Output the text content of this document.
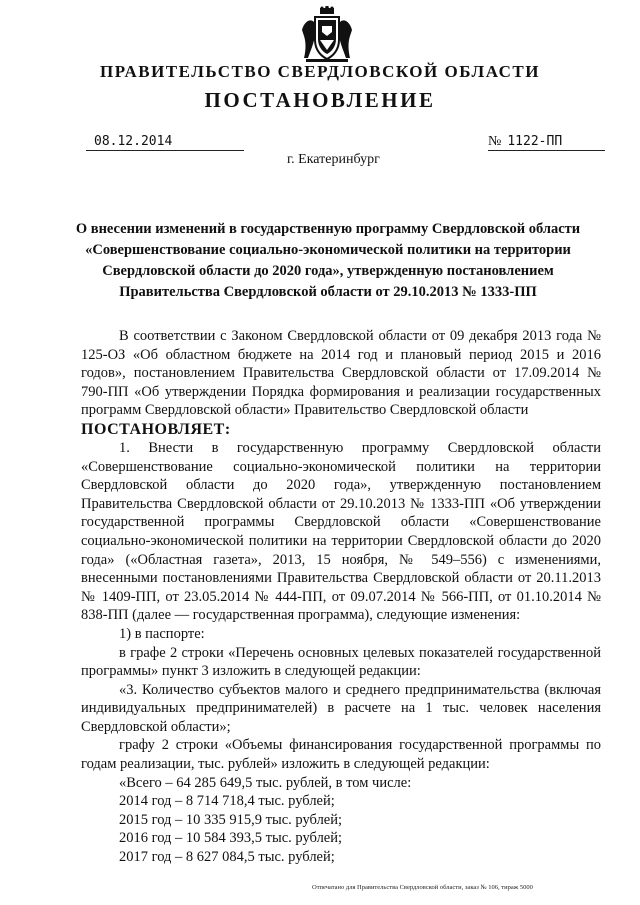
ПРАВИТЕЛЬСТВО СВЕРДЛОВСКОЙ ОБЛАСТИ
ПОСТАНОВЛЕНИЕ
08.12.2014	№ 1122-ПП
г. Екатеринбург
О внесении изменений в государственную программу Свердловской области
«Совершенствование социально-экономической политики на территории
Свердловской области до 2020 года», утвержденную постановлением
Правительства Свердловской области от 29.10.2013 № 1333-ПП

В соответствии с Законом Свердловской области от 09 декабря 2013 года № 125-ОЗ «Об областном бюджете на 2014 год и плановый период 2015 и 2016 годов», постановлением Правительства Свердловской области от 17.09.2014 № 790-ПП «Об утверждении Порядка формирования и реализации государственных программ Свердловской области» Правительство Свердловской области

ПОСТАНОВЛЯЕТ:

1. Внести в государственную программу Свердловской области «Совершенствование социально-экономической политики на территории Свердловской области до 2020 года», утвержденную постановлением Правительства Свердловской области от 29.10.2013 № 1333-ПП «Об утверждении государственной программы Свердловской области «Совершенствование социально-экономической политики на территории Свердловской области до 2020 года» («Областная газета», 2013, 15 ноября, № 549–556) с изменениями, внесенными постановлениями Правительства Свердловской области от 20.11.2013 № 1409-ПП, от 23.05.2014 № 444-ПП, от 09.07.2014 № 566-ПП, от 01.10.2014 № 838-ПП (далее — государственная программа), следующие изменения:

1) в паспорте:

в графе 2 строки «Перечень основных целевых показателей государственной программы» пункт 3 изложить в следующей редакции:

«3. Количество субъектов малого и среднего предпринимательства (включая индивидуальных предпринимателей) в расчете на 1 тыс. человек населения Свердловской области»;

графу 2 строки «Объемы финансирования государственной программы по годам реализации, тыс. рублей» изложить в следующей редакции:

«Всего – 64 285 649,5 тыс. рублей, в том числе:

2014 год – 8 714 718,4 тыс. рублей;

2015 год – 10 335 915,9 тыс. рублей;

2016 год – 10 584 393,5 тыс. рублей;

2017 год – 8 627 084,5 тыс. рублей;

Отпечатано для Правительства Свердловской области, заказ № 106, тираж 5000
